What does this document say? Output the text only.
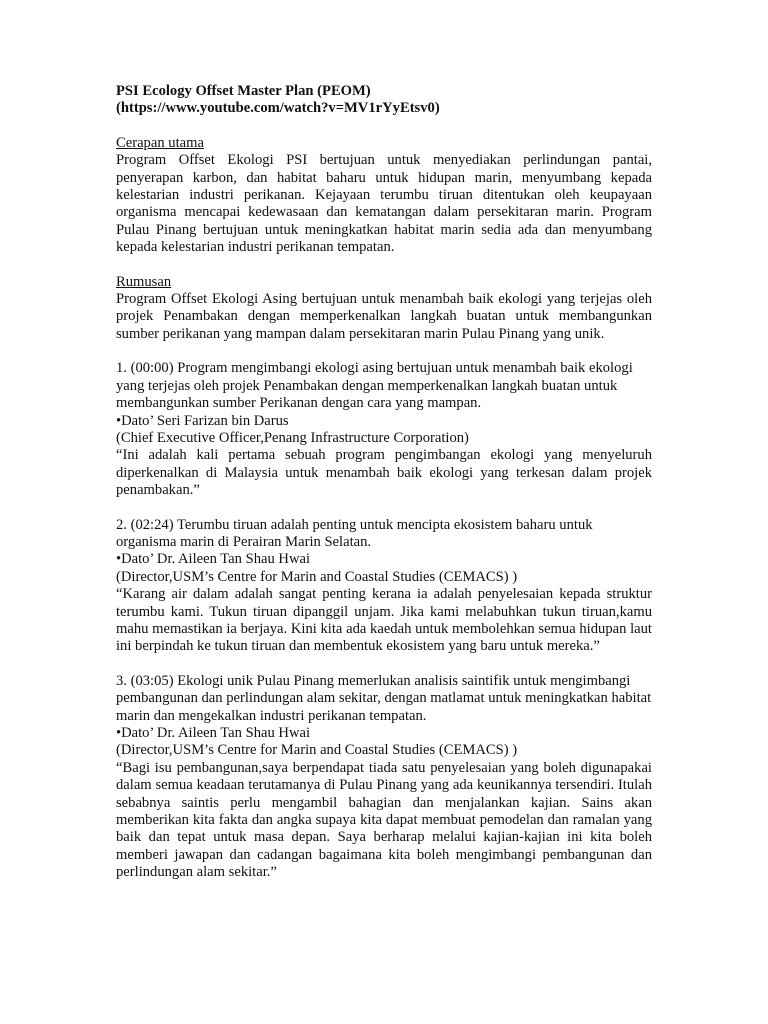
PSI Ecology Offset Master Plan (PEOM)
(https://www.youtube.com/watch?v=MV1rYyEtsv0)
Cerapan utama
Program Offset Ekologi PSI bertujuan untuk menyediakan perlindungan pantai, penyerapan karbon, dan habitat baharu untuk hidupan marin, menyumbang kepada kelestarian industri perikanan. Kejayaan terumbu tiruan ditentukan oleh keupayaan organisma mencapai kedewasaan dan kematangan dalam persekitaran marin. Program Pulau Pinang bertujuan untuk meningkatkan habitat marin sedia ada dan menyumbang kepada kelestarian industri perikanan tempatan.
Rumusan
Program Offset Ekologi Asing bertujuan untuk menambah baik ekologi yang terjejas oleh projek Penambakan dengan memperkenalkan langkah buatan untuk membangunkan sumber perikanan yang mampan dalam persekitaran marin Pulau Pinang yang unik.
1. (00:00) Program mengimbangi ekologi asing bertujuan untuk menambah baik ekologi yang terjejas oleh projek Penambakan dengan memperkenalkan langkah buatan untuk membangunkan sumber Perikanan dengan cara yang mampan.
•Dato’ Seri Farizan bin Darus
(Chief Executive Officer,Penang Infrastructure Corporation)
“Ini adalah kali pertama sebuah program pengimbangan ekologi yang menyeluruh diperkenalkan di Malaysia untuk menambah baik ekologi yang terkesan dalam projek penambakan.”
2. (02:24) Terumbu tiruan adalah penting untuk mencipta ekosistem baharu untuk organisma marin di Perairan Marin Selatan.
•Dato’ Dr. Aileen Tan Shau Hwai
(Director,USM’s Centre for Marin and Coastal Studies (CEMACS) )
“Karang air dalam adalah sangat penting kerana ia adalah penyelesaian kepada struktur terumbu kami. Tukun tiruan dipanggil unjam. Jika kami melabuhkan tukun tiruan,kamu mahu memastikan ia berjaya. Kini kita ada kaedah untuk membolehkan semua hidupan laut ini berpindah ke tukun tiruan dan membentuk ekosistem yang baru untuk mereka.”
3. (03:05) Ekologi unik Pulau Pinang memerlukan analisis saintifik untuk mengimbangi pembangunan dan perlindungan alam sekitar, dengan matlamat untuk meningkatkan habitat marin dan mengekalkan industri perikanan tempatan.
•Dato’ Dr. Aileen Tan Shau Hwai
(Director,USM’s Centre for Marin and Coastal Studies (CEMACS) )
“Bagi isu pembangunan,saya berpendapat tiada satu penyelesaian yang boleh digunapakai dalam semua keadaan terutamanya di Pulau Pinang yang ada keunikannya tersendiri. Itulah sebabnya saintis perlu mengambil bahagian dan menjalankan kajian. Sains akan memberikan kita fakta dan angka supaya kita dapat membuat pemodelan dan ramalan yang baik dan tepat untuk masa depan. Saya berharap melalui kajian-kajian ini kita boleh memberi jawapan dan cadangan bagaimana kita boleh mengimbangi pembangunan dan perlindungan alam sekitar.”
